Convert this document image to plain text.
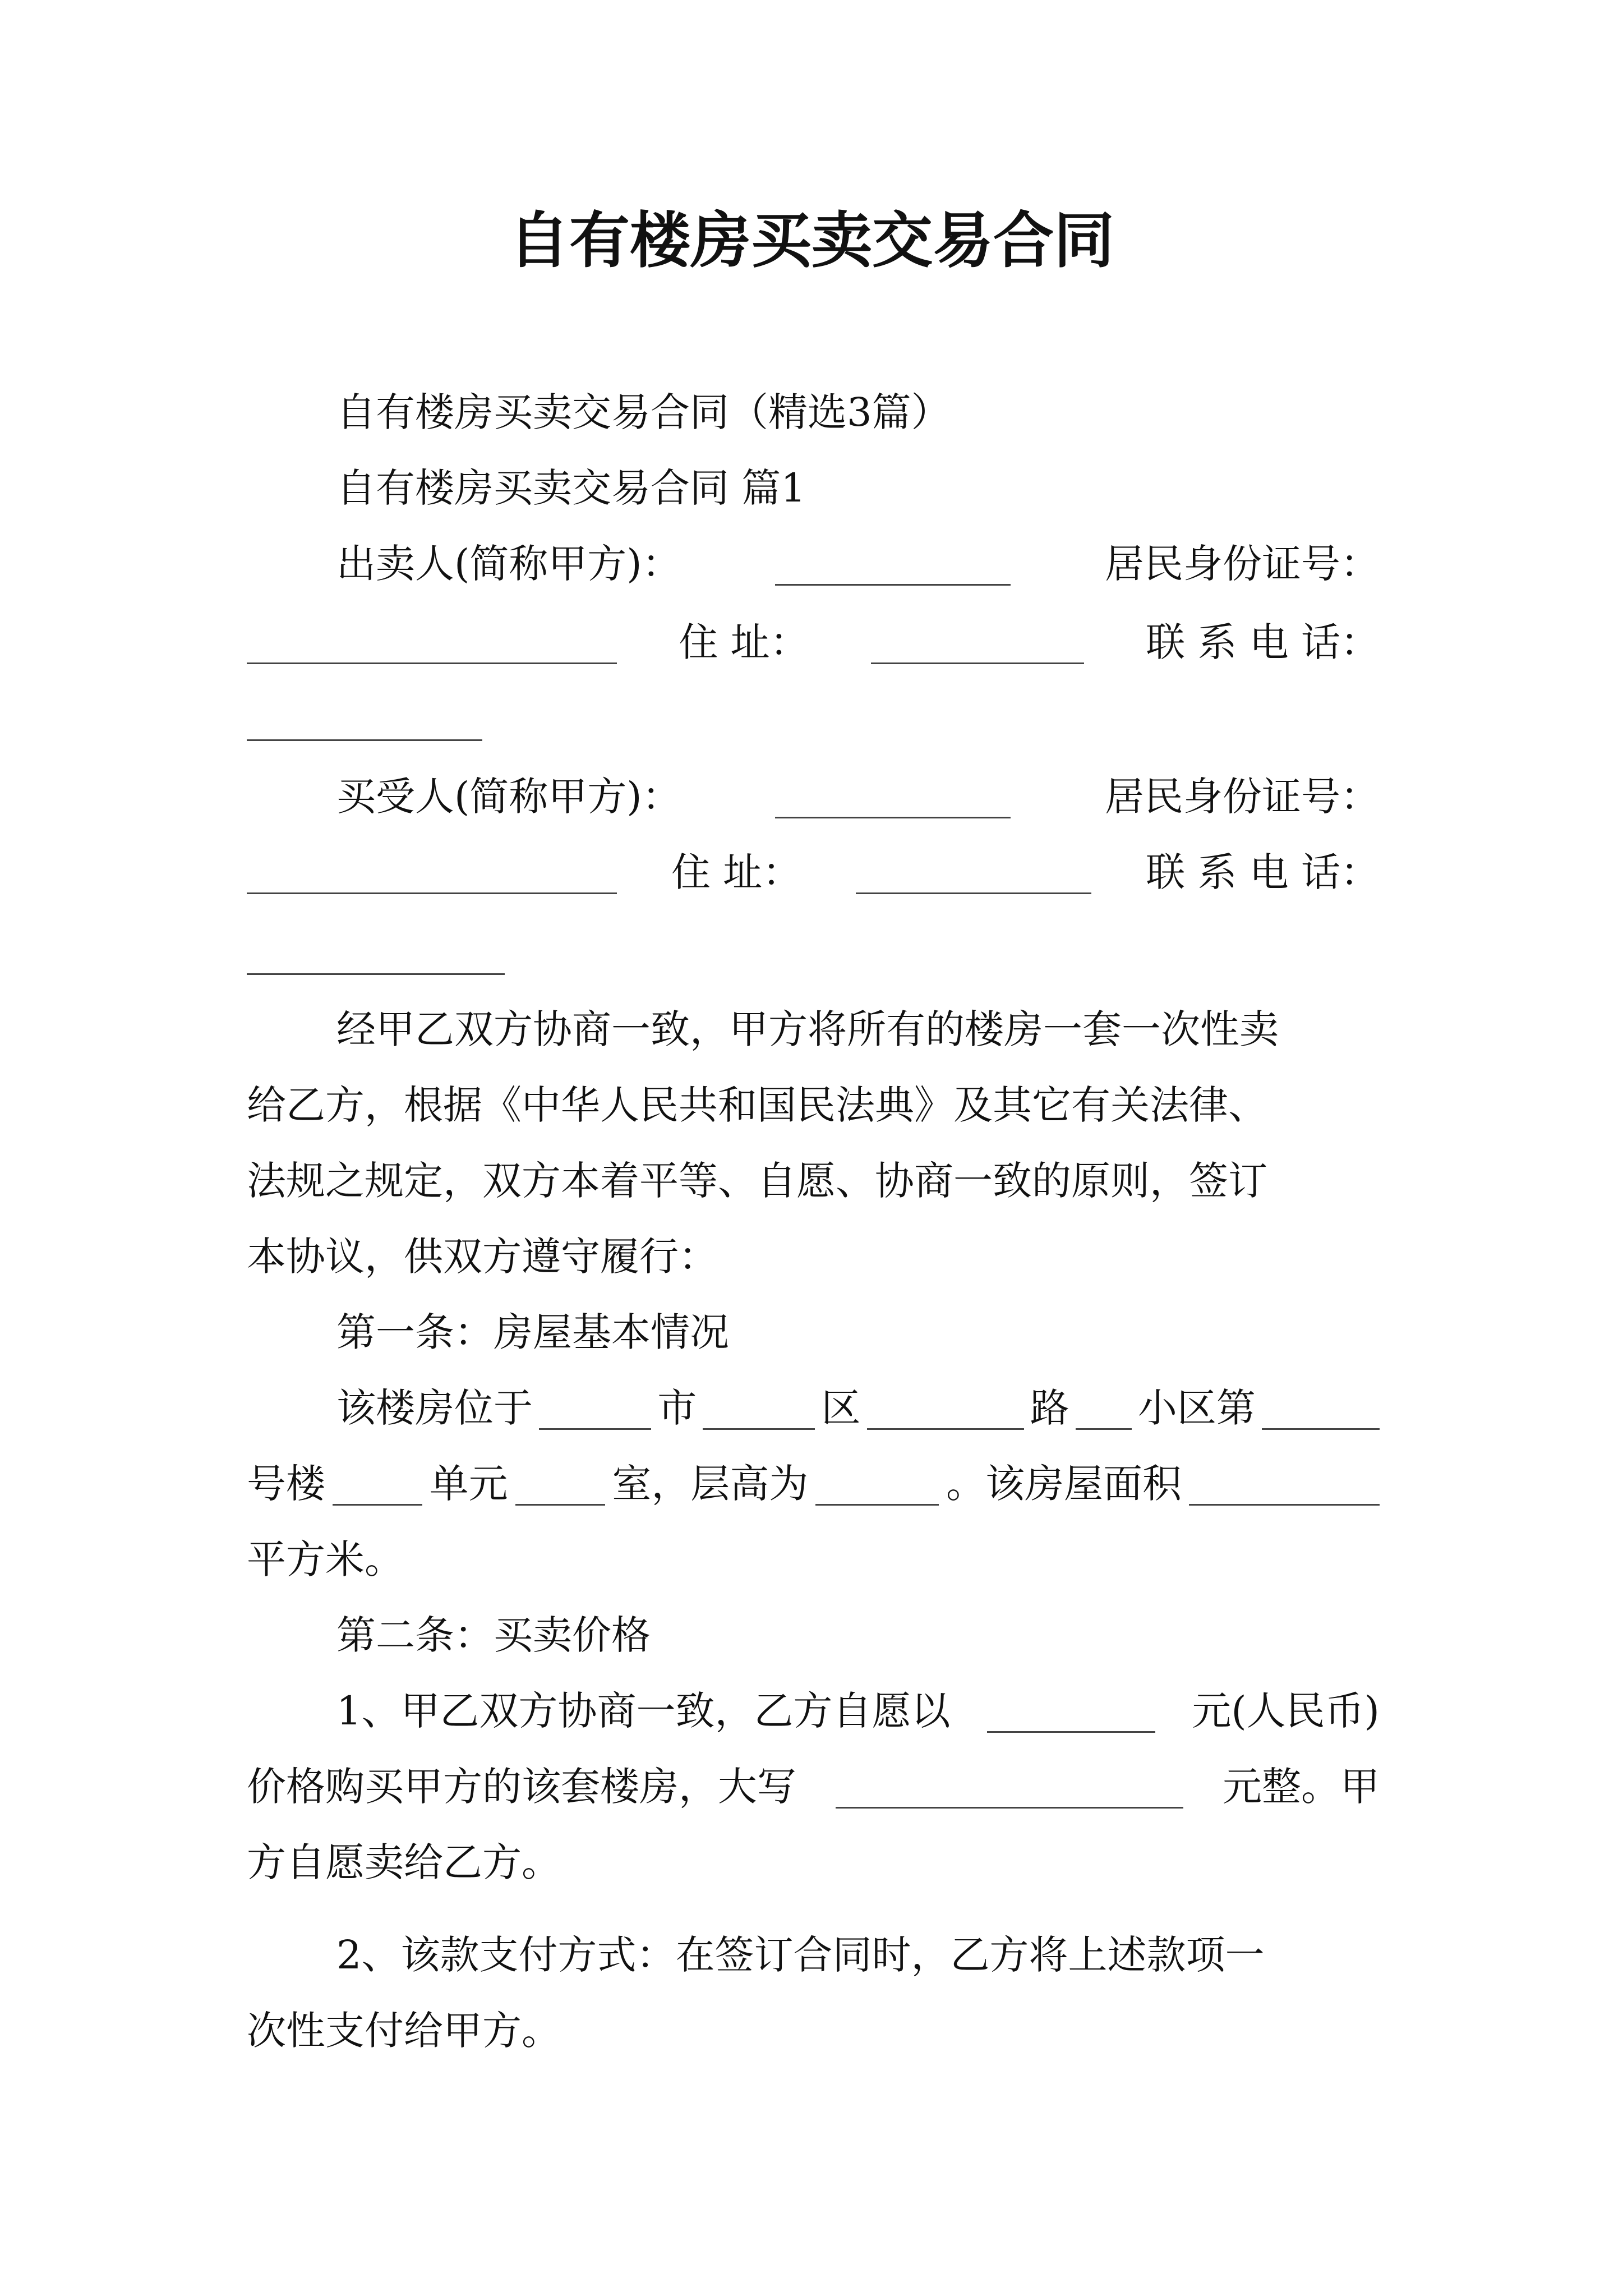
自有楼房买卖交易合同
自有楼房买卖交易合同（精选3篇）
自有楼房买卖交易合同 篇1
出卖人(简称甲方)：	居民身份证号：
住 址：	联 系 电 话：
买受人(简称甲方)：	居民身份证号：
住 址：	联 系 电 话：
经甲乙双方协商一致，甲方将所有的楼房一套一次性卖
给乙方，根据《中华人民共和国民法典》及其它有关法律、
法规之规定，双方本着平等、自愿、协商一致的原则，签订
本协议，供双方遵守履行：
第一条：房屋基本情况
该楼房位于	市	区	路 小区第
号楼	单元	室，层高为	。该房屋面积
平方米。
第二条：买卖价格
1、甲乙双方协商一致，乙方自愿以	元(人民币)
价格购买甲方的该套楼房，大写	元整。甲
方自愿卖给乙方。
2、该款支付方式：在签订合同时，乙方将上述款项一
次性支付给甲方。
